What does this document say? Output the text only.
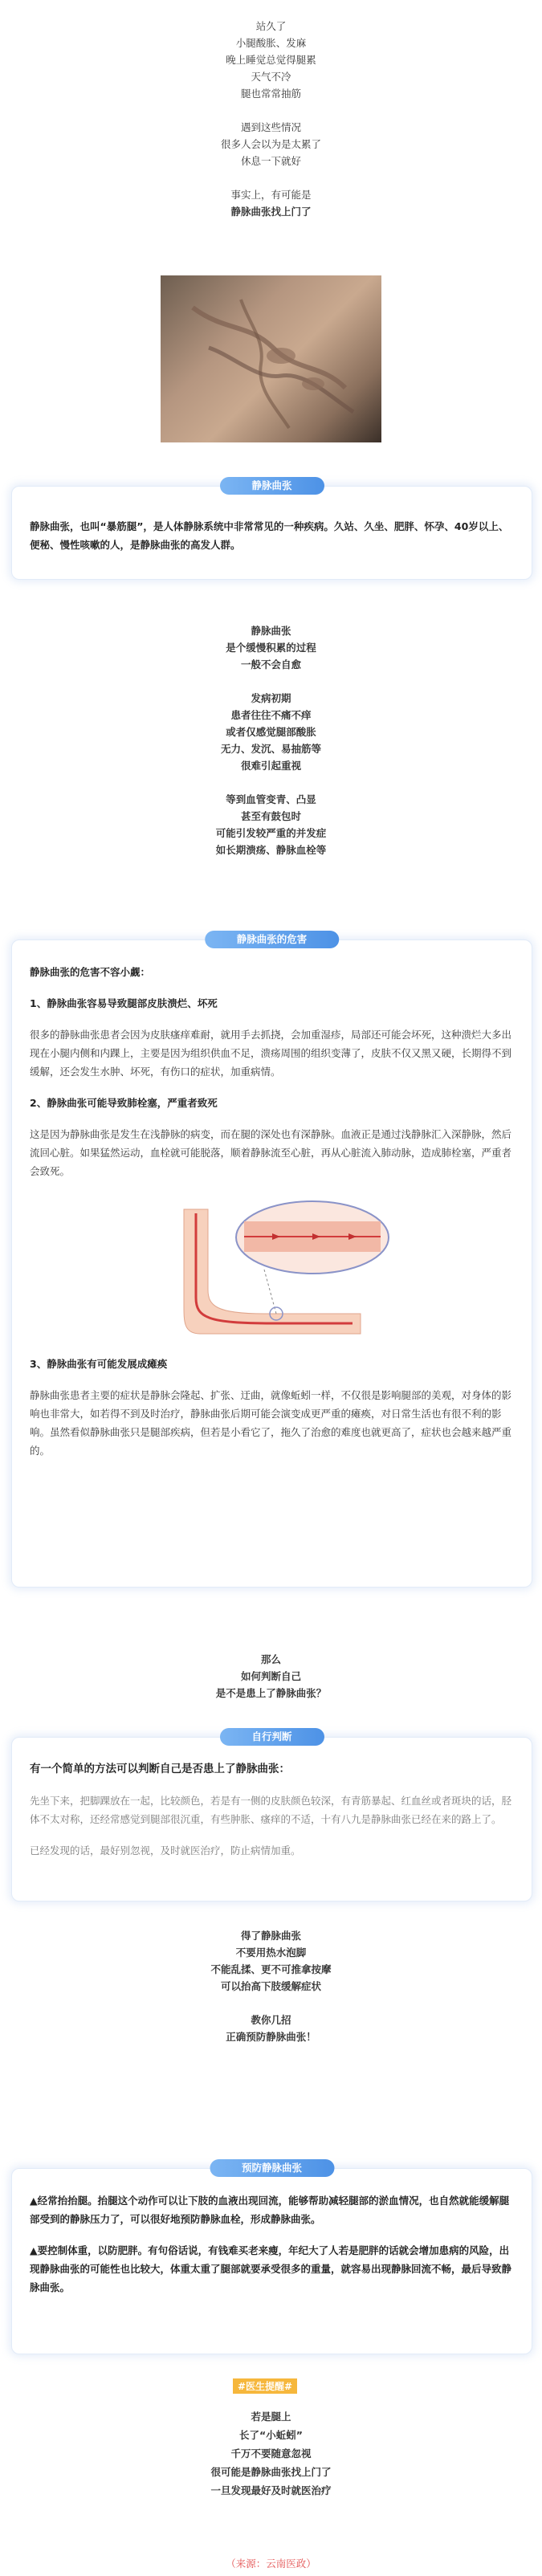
站久了

小腿酸胀、发麻

晚上睡觉总觉得腿累

天气不冷

腿也常常抽筋

遇到这些情况

很多人会以为是太累了

休息一下就好

事实上，有可能是

静脉曲张找上门了

静脉曲张

静脉曲张，也叫“暴筋腿”，是人体静脉系统中非常常见的一种疾病。久站、久坐、肥胖、怀孕、40岁以上、便秘、慢性咳嗽的人，是静脉曲张的高发人群。

静脉曲张

是个缓慢积累的过程

一般不会自愈

发病初期

患者往往不痛不痒

或者仅感觉腿部酸胀

无力、发沉、易抽筋等

很难引起重视

等到血管变青、凸显

甚至有鼓包时

可能引发较严重的并发症

如长期溃疡、静脉血栓等

静脉曲张的危害

静脉曲张的危害不容小觑：

1、静脉曲张容易导致腿部皮肤溃烂、坏死

很多的静脉曲张患者会因为皮肤瘙痒难耐，就用手去抓挠，会加重湿疹，局部还可能会坏死，这种溃烂大多出现在小腿内侧和内踝上，主要是因为组织供血不足，溃疡周围的组织变薄了，皮肤不仅又黑又硬，长期得不到缓解，还会发生水肿、坏死，有伤口的症状，加重病情。

2、静脉曲张可能导致肺栓塞，严重者致死

这是因为静脉曲张是发生在浅静脉的病变，而在腿的深处也有深静脉。血液正是通过浅静脉汇入深静脉，然后流回心脏。如果猛然运动，血栓就可能脱落，顺着静脉流至心脏，再从心脏流入肺动脉，造成肺栓塞，严重者会致死。

3、静脉曲张有可能发展成瘫痪

静脉曲张患者主要的症状是静脉会隆起、扩张、迂曲，就像蚯蚓一样，不仅很是影响腿部的美观，对身体的影响也非常大，如若得不到及时治疗，静脉曲张后期可能会演变成更严重的瘫痪，对日常生活也有很不利的影响。虽然看似静脉曲张只是腿部疾病，但若是小看它了，拖久了治愈的难度也就更高了，症状也会越来越严重的。

那么

如何判断自己

是不是患上了静脉曲张？

自行判断

有一个简单的方法可以判断自己是否患上了静脉曲张：

先坐下来，把脚踝放在一起，比较颜色，若是有一侧的皮肤颜色较深，有青筋暴起、红血丝或者斑块的话，胫体不太对称，还经常感觉到腿部很沉重，有些肿胀、瘙痒的不适，十有八九是静脉曲张已经在来的路上了。

已经发现的话，最好别忽视，及时就医治疗，防止病情加重。

得了静脉曲张

不要用热水泡脚

不能乱揉、更不可推拿按摩

可以抬高下肢缓解症状

教你几招

正确预防静脉曲张！

预防静脉曲张

▲经常抬抬腿。抬腿这个动作可以让下肢的血液出现回流，能够帮助减轻腿部的淤血情况，也自然就能缓解腿部受到的静脉压力了，可以很好地预防静脉血栓，形成静脉曲张。

▲要控制体重，以防肥胖。有句俗话说，有钱难买老来瘦，年纪大了人若是肥胖的话就会增加患病的风险，出现静脉曲张的可能性也比较大，体重太重了腿部就要承受很多的重量，就容易出现静脉回流不畅，最后导致静脉曲张。

#医生提醒#

若是腿上

长了“小蚯蚓”

千万不要随意忽视

很可能是静脉曲张找上门了

一旦发现最好及时就医治疗

（来源：云南医政）
